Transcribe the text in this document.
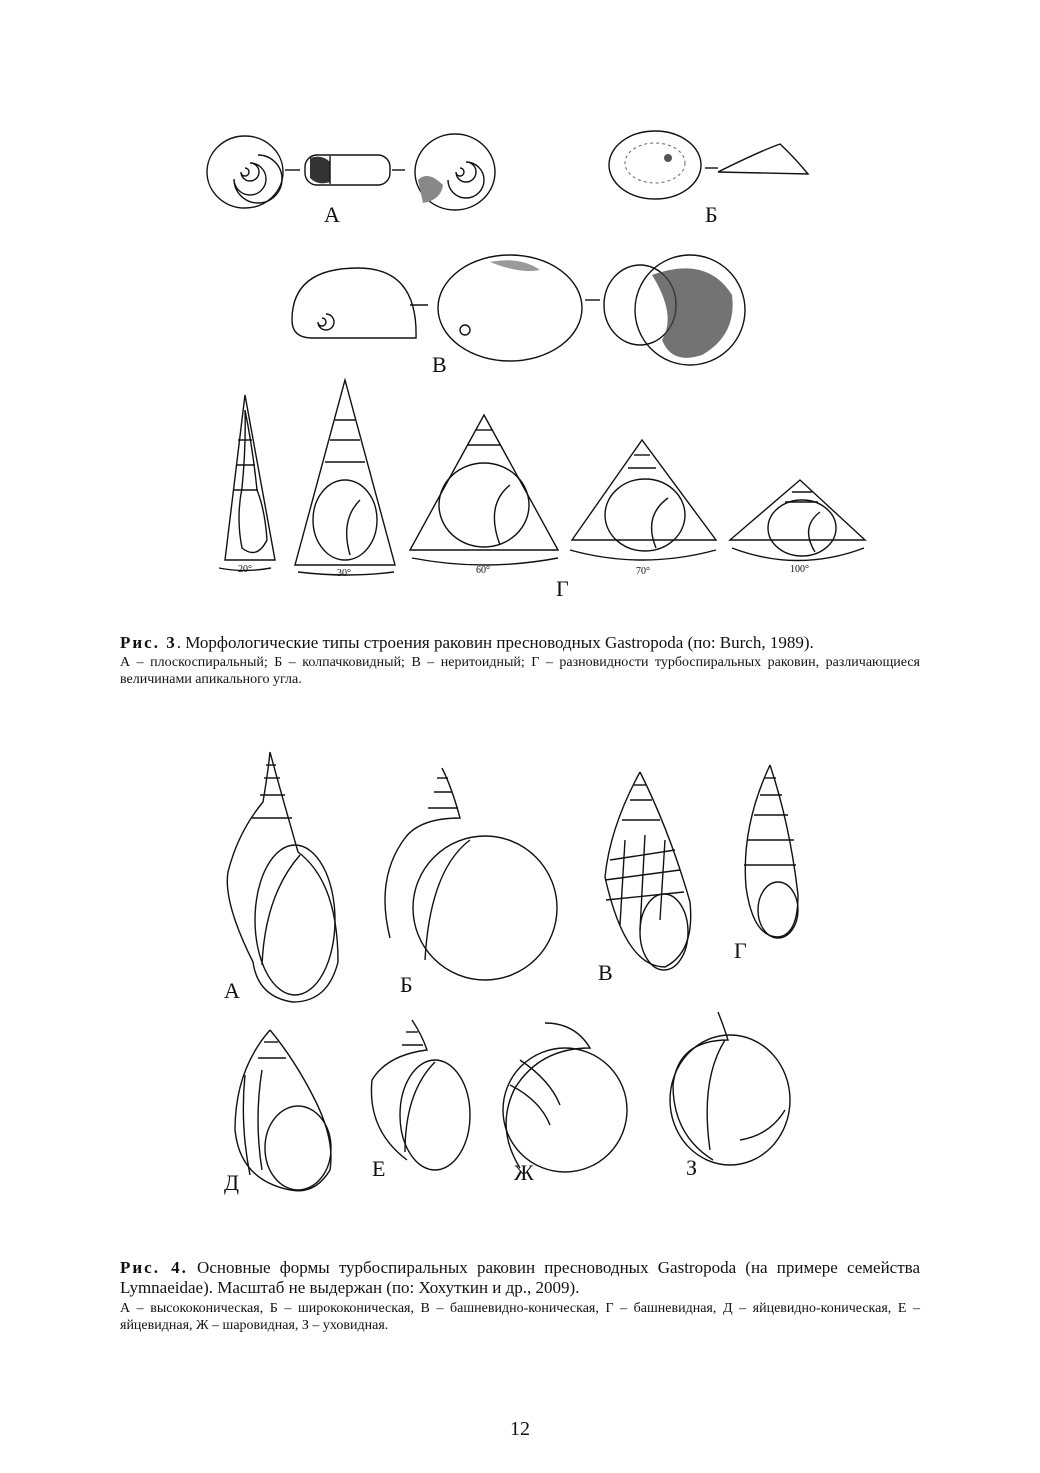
А	Б
В
20°	30°	60°	70°	100°
Г
Рис. 3. Морфологические типы строения раковин пресноводных Gastropoda (по: Burch, 1989).
А – плоскоспиральный; Б – колпачковидный; В – неритоидный; Г – разновидности турбоспиральных раковин, различающиеся величинами апикального угла.
А	Б	В
Г
Д
Е	Ж	З
Рис. 4. Основные формы турбоспиральных раковин пресноводных Gastropoda (на примере семейства Lymnaeidae). Масштаб не выдержан (по: Хохуткин и др., 2009).
А – высококоническая, Б – ширококоническая, В – башневидно-коническая, Г – башневидная, Д – яйцевидно-коническая, Е – яйцевидная, Ж – шаровидная, З – уховидная.
12
